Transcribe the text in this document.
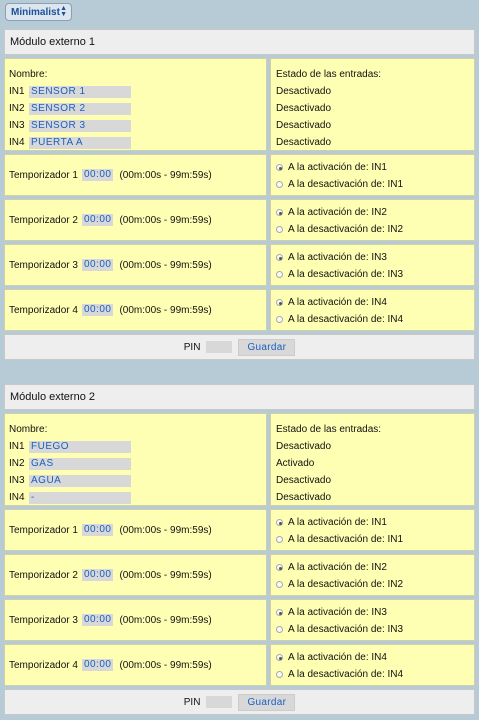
Minimalist ▲
▼
Módulo externo 1
Nombre:
IN1 SENSOR 1
IN2 SENSOR 2
IN3 SENSOR 3
IN4 PUERTA A
Estado de las entradas:
Desactivado
Desactivado
Desactivado
Desactivado
Temporizador
1 00:00 (00m:00s - 99m:59s)
A la activación de: IN1
A la desactivación de: IN1
Temporizador
2 00:00 (00m:00s - 99m:59s)
A la activación de: IN2
A la desactivación de: IN2
Temporizador
3 00:00 (00m:00s - 99m:59s)
A la activación de: IN3
A la desactivación de: IN3
Temporizador
4 00:00 (00m:00s - 99m:59s)
A la activación de: IN4
A la desactivación de: IN4
PIN	Guardar
Módulo externo 2
Nombre:
IN1 FUEGO
IN2 GAS
IN3 AGUA
IN4 -
Estado de las entradas:
Desactivado
Activado
Desactivado
Desactivado
Temporizador
1 00:00 (00m:00s - 99m:59s)
A la activación de: IN1
A la desactivación de: IN1
Temporizador
2 00:00 (00m:00s - 99m:59s)
A la activación de: IN2
A la desactivación de: IN2
Temporizador
3 00:00 (00m:00s - 99m:59s)
A la activación de: IN3
A la desactivación de: IN3
Temporizador
4 00:00 (00m:00s - 99m:59s)
A la activación de: IN4
A la desactivación de: IN4
PIN	Guardar
